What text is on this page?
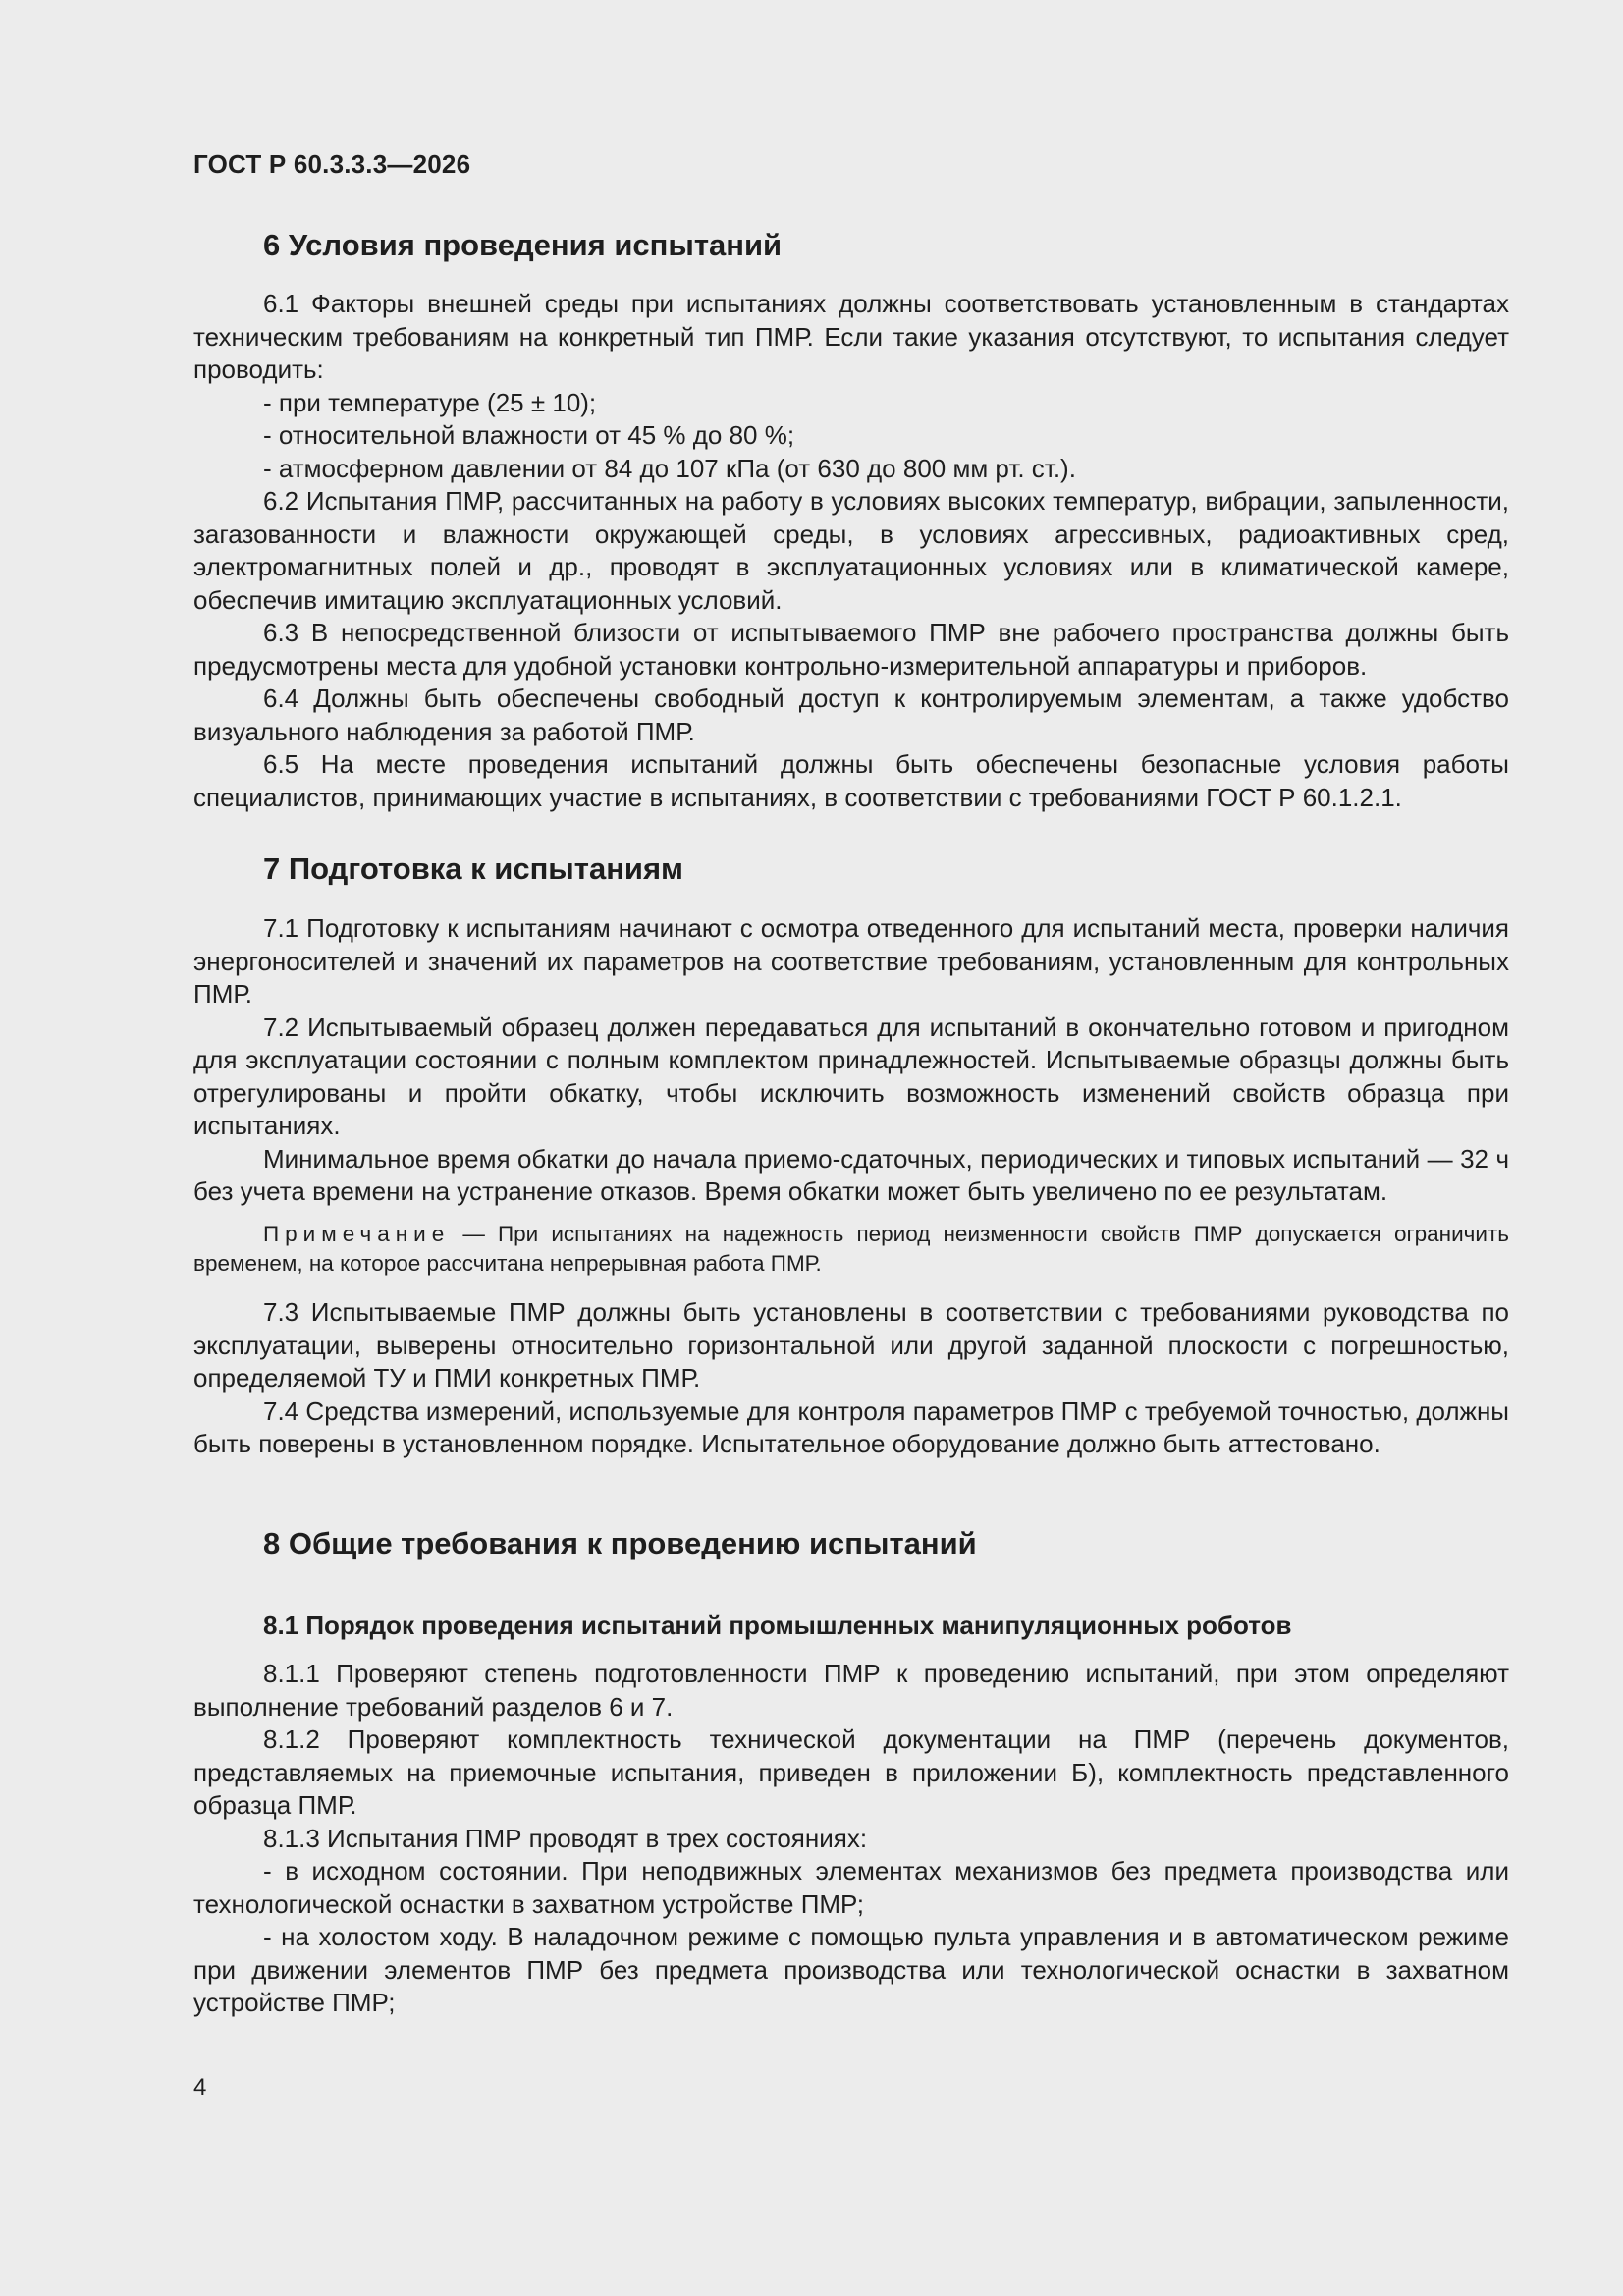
ГОСТ Р 60.3.3.3—2026
6 Условия проведения испытаний

6.1 Факторы внешней среды при испытаниях должны соответствовать установленным в стандартах техническим требованиям на конкретный тип ПМР. Если такие указания отсутствуют, то испытания следует проводить:

- при температуре (25 ± 10);

- относительной влажности от 45 % до 80 %;

- атмосферном давлении от 84 до 107 кПа (от 630 до 800 мм рт. ст.).

6.2 Испытания ПМР, рассчитанных на работу в условиях высоких температур, вибрации, запыленности, загазованности и влажности окружающей среды, в условиях агрессивных, радиоактивных сред, электромагнитных полей и др., проводят в эксплуатационных условиях или в климатической камере, обеспечив имитацию эксплуатационных условий.

6.3 В непосредственной близости от испытываемого ПМР вне рабочего пространства должны быть предусмотрены места для удобной установки контрольно-измерительной аппаратуры и приборов.

6.4 Должны быть обеспечены свободный доступ к контролируемым элементам, а также удобство визуального наблюдения за работой ПМР.

6.5 На месте проведения испытаний должны быть обеспечены безопасные условия работы специалистов, принимающих участие в испытаниях, в соответствии с требованиями ГОСТ Р 60.1.2.1.

7 Подготовка к испытаниям

7.1 Подготовку к испытаниям начинают с осмотра отведенного для испытаний места, проверки наличия энергоносителей и значений их параметров на соответствие требованиям, установленным для контрольных ПМР.

7.2 Испытываемый образец должен передаваться для испытаний в окончательно готовом и пригодном для эксплуатации состоянии с полным комплектом принадлежностей. Испытываемые образцы должны быть отрегулированы и пройти обкатку, чтобы исключить возможность изменений свойств образца при испытаниях.

Минимальное время обкатки до начала приемо-сдаточных, периодических и типовых испытаний — 32 ч без учета времени на устранение отказов. Время обкатки может быть увеличено по ее результатам.

Примечание — При испытаниях на надежность период неизменности свойств ПМР допускается ограничить временем, на которое рассчитана непрерывная работа ПМР.

7.3 Испытываемые ПМР должны быть установлены в соответствии с требованиями руководства по эксплуатации, выверены относительно горизонтальной или другой заданной плоскости с погрешностью, определяемой ТУ и ПМИ конкретных ПМР.

7.4 Средства измерений, используемые для контроля параметров ПМР с требуемой точностью, должны быть поверены в установленном порядке. Испытательное оборудование должно быть аттестовано.

8 Общие требования к проведению испытаний
8.1 Порядок проведения испытаний промышленных манипуляционных роботов

8.1.1 Проверяют степень подготовленности ПМР к проведению испытаний, при этом определяют выполнение требований разделов 6 и 7.

8.1.2 Проверяют комплектность технической документации на ПМР (перечень документов, представляемых на приемочные испытания, приведен в приложении Б), комплектность представленного образца ПМР.

8.1.3 Испытания ПМР проводят в трех состояниях:

- в исходном состоянии. При неподвижных элементах механизмов без предмета производства или технологической оснастки в захватном устройстве ПМР;

- на холостом ходу. В наладочном режиме с помощью пульта управления и в автоматическом режиме при движении элементов ПМР без предмета производства или технологической оснастки в захватном устройстве ПМР;

4
